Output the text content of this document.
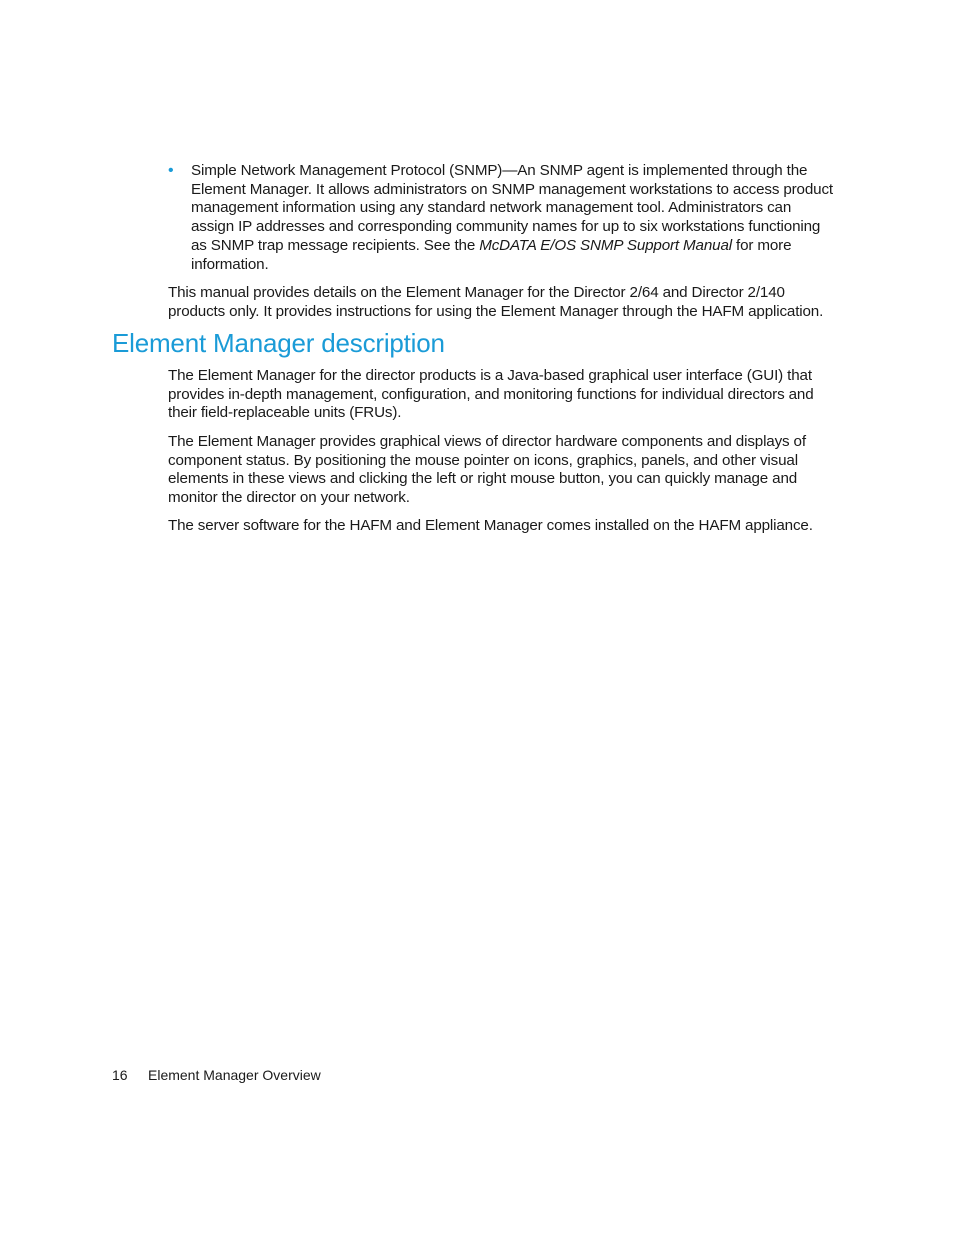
• Simple Network Management Protocol (SNMP)—An SNMP agent is implemented through the Element Manager. It allows administrators on SNMP management workstations to access product management information using any standard network management tool. Administrators can assign IP addresses and corresponding community names for up to six workstations functioning as SNMP trap message recipients. See the McDATA E/OS SNMP Support Manual for more information.

This manual provides details on the Element Manager for the Director 2/64 and Director 2/140 products only. It provides instructions for using the Element Manager through the HAFM application.

Element Manager description

The Element Manager for the director products is a Java-based graphical user interface (GUI) that provides in-depth management, configuration, and monitoring functions for individual directors and their field-replaceable units (FRUs).

The Element Manager provides graphical views of director hardware components and displays of component status. By positioning the mouse pointer on icons, graphics, panels, and other visual elements in these views and clicking the left or right mouse button, you can quickly manage and monitor the director on your network.

The server software for the HAFM and Element Manager comes installed on the HAFM appliance.

16 Element Manager Overview
